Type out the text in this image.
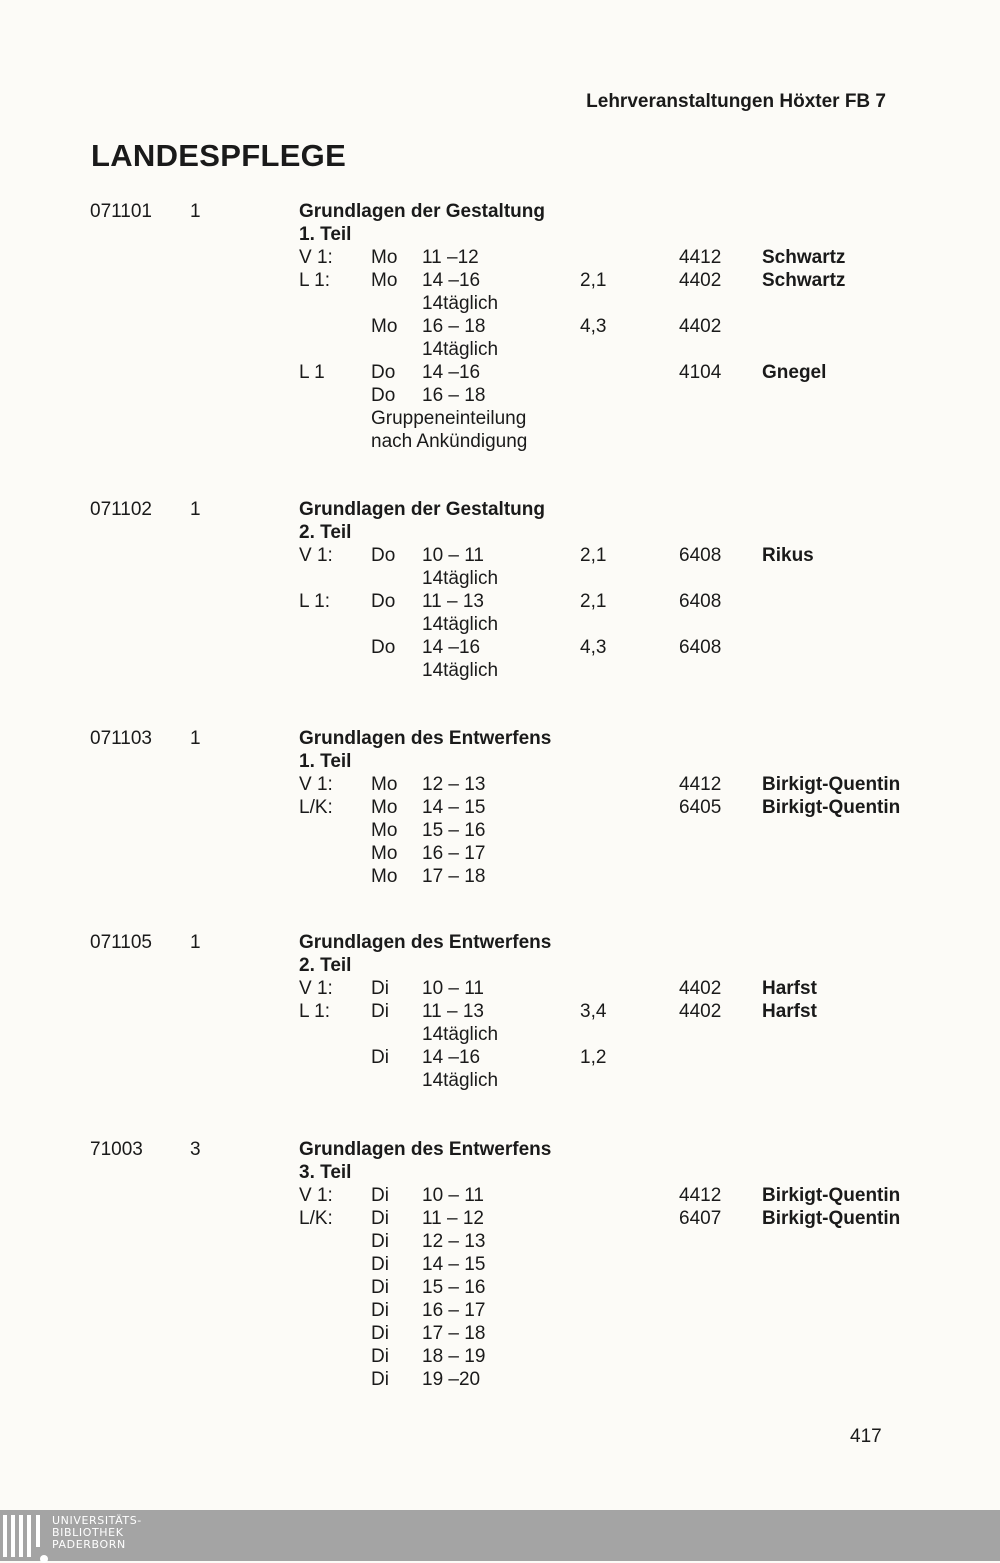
Lehrveranstaltungen Höxter FB 7
LANDESPFLEGE
071101 1	Grundlagen der Gestaltung
1. Teil
V 1: Mo 11 –12	4412 Schwartz
L 1: Mo 14 –16	2,1	4402 Schwartz
14täglich
Mo 16 – 18	4,3	4402
14täglich
L 1 Do 14 –16	4104 Gnegel
Do 16 – 18
Gruppeneinteilung
nach Ankündigung
071102 1	Grundlagen der Gestaltung
2. Teil
V 1: Do 10 – 11	2,1	6408 Rikus
14täglich
L 1: Do 11 – 13	2,1	6408
14täglich
Do 14 –16	4,3	6408
14täglich
071103 1	Grundlagen des Entwerfens
1. Teil
V 1: Mo 12 – 13	4412 Birkigt-Quentin
L/K: Mo 14 – 15	6405 Birkigt-Quentin
Mo 15 – 16
Mo 16 – 17
Mo 17 – 18
071105 1	Grundlagen des Entwerfens
2. Teil
V 1: Di 10 – 11	4402 Harfst
L 1: Di 11 – 13	3,4	4402 Harfst
14täglich
Di 14 –16	1,2
14täglich
71003 3	Grundlagen des Entwerfens
3. Teil
V 1: Di 10 – 11	4412 Birkigt-Quentin
L/K: Di 11 – 12	6407 Birkigt-Quentin
Di 12 – 13
Di 14 – 15
Di 15 – 16
Di 16 – 17
Di 17 – 18
Di 18 – 19
Di 19 –20
417
UNIVERSITÄTS-
BIBLIOTHEK
PADERBORN
